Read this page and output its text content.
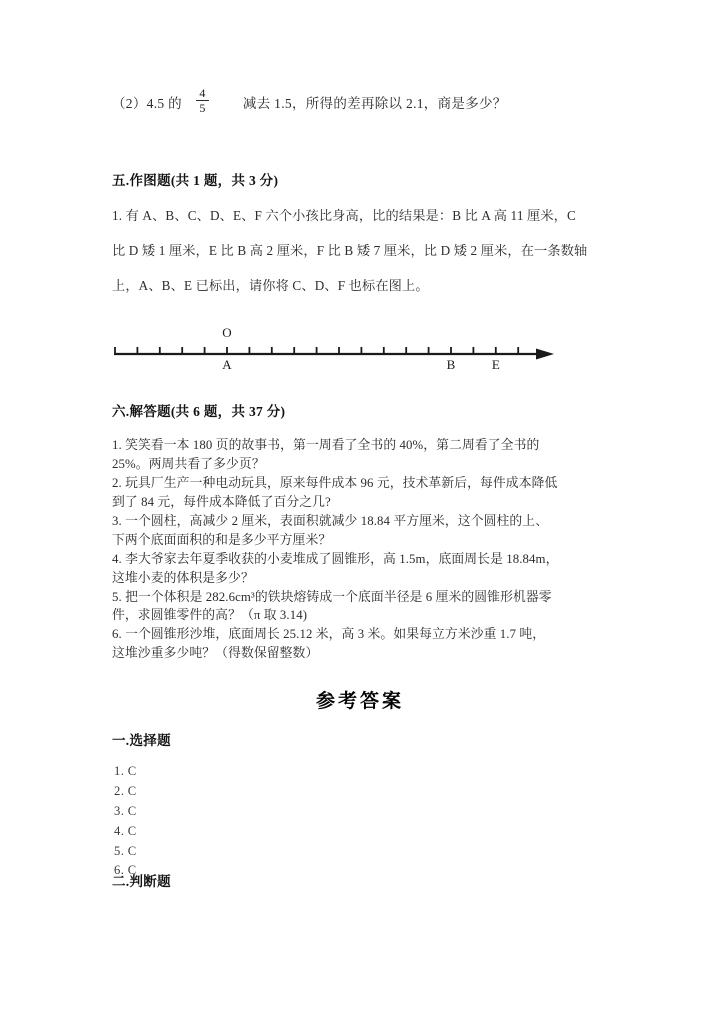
（2）4.5 的 $\frac{4}{5}$	减去 1.5，所得的差再除以 2.1，商是多少？
五.作图题(共 1 题，共 3 分)
1. 有 A、B、C、D、E、F 六个小孩比身高，比的结果是：B 比 A 高 11 厘米，C
比 D 矮 1 厘米，E 比 B 高 2 厘米，F 比 B 矮 7 厘米，比 D 矮 2 厘米，在一条数轴
上，A、B、E 已标出，请你将 C、D、F 也标在图上。
O
A	B	E
六.解答题(共 6 题，共 37 分)
1. 笑笑看一本 180 页的故事书，第一周看了全书的 40%，第二周看了全书的
25%。两周共看了多少页？
2. 玩具厂生产一种电动玩具，原来每件成本 96 元，技术革新后，每件成本降低
到了 84 元，每件成本降低了百分之几?
3. 一个圆柱，高减少 2 厘米，表面积就减少 18.84 平方厘米，这个圆柱的上、
下两个底面面积的和是多少平方厘米？
4. 李大爷家去年夏季收获的小麦堆成了圆锥形，高 1.5m，底面周长是 18.84m，
这堆小麦的体积是多少？
5. 把一个体积是 282.6cm³的铁块熔铸成一个底面半径是 6 厘米的圆锥形机器零
件，求圆锥零件的高？（π 取 3.14)
6. 一个圆锥形沙堆，底面周长 25.12 米，高 3 米。如果每立方米沙重 1.7 吨，
这堆沙重多少吨？（得数保留整数）
参考答案
一.选择题
1. C
2. C
3. C
4. C
5. C
6. C
二.判断题
